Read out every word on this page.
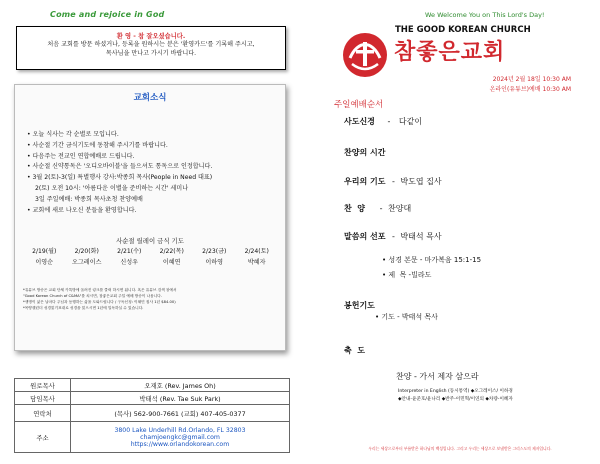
Come and rejoice in God
환 영 - 참 잘오셨습니다.
처음 교회를 방문 하셨거나, 등록을 원하시는 분은 '환영카드'를 기록해 주시고,
목사님을 만나고 가시기 바랍니다.
교회소식
• 오늘 식사는 각 순별로 모입니다.
• 사순절 기간 금식기도에 동참해 주시기를 바랍니다.
• 다음주는 전교인 연합예배로 드립니다.
• 사순절 신약통독은 '오디오바이블'을 들으셔도 통독으로 인정합니다.
• 3월 2(토)-3(일) 특별행사 강사:박종희 목사(People in Need 대표)
2(토) 오전 10시: '아름다운 이별을 준비하는 시간' 세미나
3일 주일예배: 박종희 목사초청 찬양예배
• 교회에 새로 나오신 분들을 환영합니다.
사순절 릴레이 금식 기도
2/19(월)	2/20(화)	2/21(수)	2/22(목)	2/23(금)	2/24(토)
이영순	오그레이스	신성우	이혜연	이하영	박혜자
*유튜브 방송은 교회 단체 카톡방에 올려진 링크를 클릭 하시면 됩니다. 혹은 유튜브 검색 창에서
"Good Korean Church of C&MA"를 치시면, 참좋은교회 주일 예배 방송이 나옵니다.
*생명이 삶은 날마다 주님과 동행하는 삶을 도와드립니다 / 구독신청: 이채민 집사 1년 $84.00)
*목양캘린더 성경읽기표대로 성경을 읽으시면 1년에 일독하실 수 있습니다.
원로목사	오재호 (Rev. James Oh)
담임목사	박태석 (Rev. Tae Suk Park)
연락처	(목사) 562-900-7661 (교회) 407-405-0377
주소	3800 Lake Underhill Rd.Orlando, FL 32803
chamjoengkc@gmail.com
https://www.orlandokorean.com
We Welcome You on This Lord's Day!
THE GOOD KOREAN CHURCH
참좋은교회
2024년 2월 18일 10:30 AM
온라인(유튜브)예배 10:30 AM
주일예배순서
사도신경 - 다같이
찬양의 시간
우리의 기도 - 박도엽 집사
찬  양 - 찬양대
말씀의 선포 - 박태석 목사
• 성경 본문 - 마가복음 15:1-15
• 제  목 -빌라도
봉헌기도
• 기도 - 박태석 목사
축  도
찬양 - 가서 제자 삼으라
Interpreter in English (동시통역) ◆오그레이스/ 이하경
◆안내-윤준호/윤나리 ◆반주-이민혁/이연의 ◆차량-이혜자
우리는 세상으로부터 부름받은 하나님의 백성입니다. 그리고 우리는 세상으로 보냄받은 그리스도의 제자입니다.
